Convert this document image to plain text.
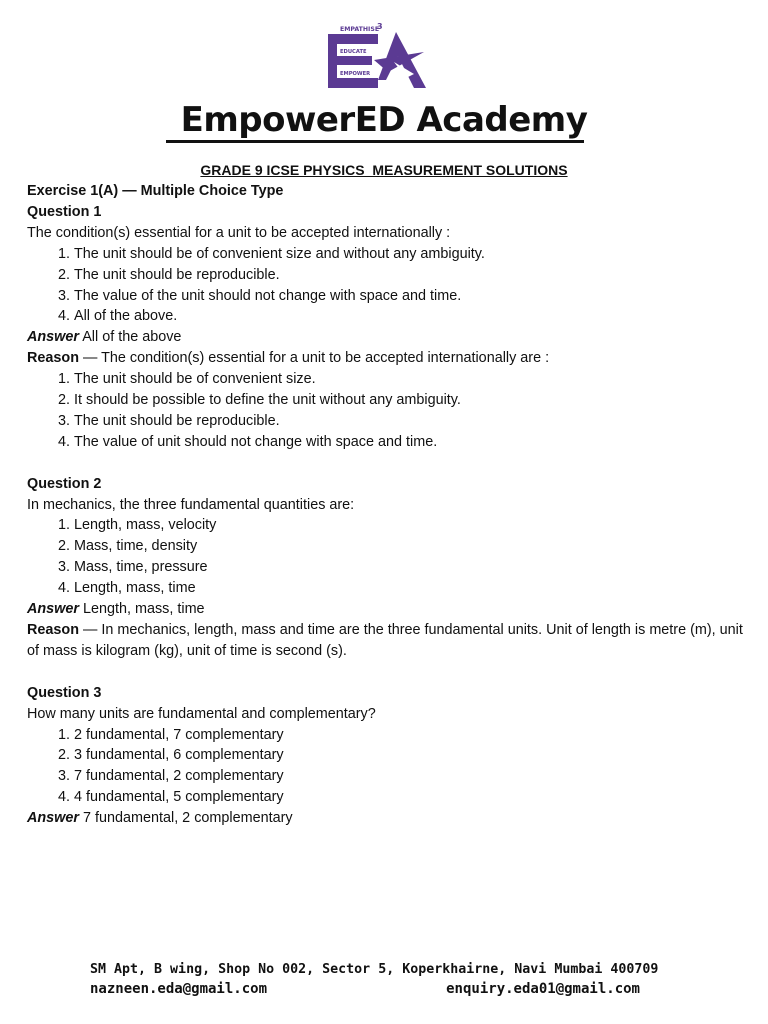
EMPATHISE
3
EDUCATE
EMPOWER
EmpowerED Academy
GRADE 9 ICSE PHYSICS_MEASUREMENT SOLUTIONS
Exercise 1(A) — Multiple Choice Type
Question 1
The condition(s) essential for a unit to be accepted internationally :
1. The unit should be of convenient size and without any ambiguity.
2. The unit should be reproducible.
3. The value of the unit should not change with space and time.
4. All of the above.
Answer All of the above
Reason — The condition(s) essential for a unit to be accepted internationally are :
1. The unit should be of convenient size.
2. It should be possible to define the unit without any ambiguity.
3. The unit should be reproducible.
4. The value of unit should not change with space and time.
Question 2
In mechanics, the three fundamental quantities are:
1. Length, mass, velocity
2. Mass, time, density
3. Mass, time, pressure
4. Length, mass, time
Answer Length, mass, time
Reason — In mechanics, length, mass and time are the three fundamental units. Unit of length is metre (m), unit of mass is kilogram (kg), unit of time is second (s).
Question 3
How many units are fundamental and complementary?
1. 2 fundamental, 7 complementary
2. 3 fundamental, 6 complementary
3. 7 fundamental, 2 complementary
4. 4 fundamental, 5 complementary
Answer 7 fundamental, 2 complementary
SM Apt, B wing, Shop No 002, Sector 5, Koperkhairne, Navi Mumbai 400709
nazneen.eda@gmail.com	enquiry.eda01@gmail.com
